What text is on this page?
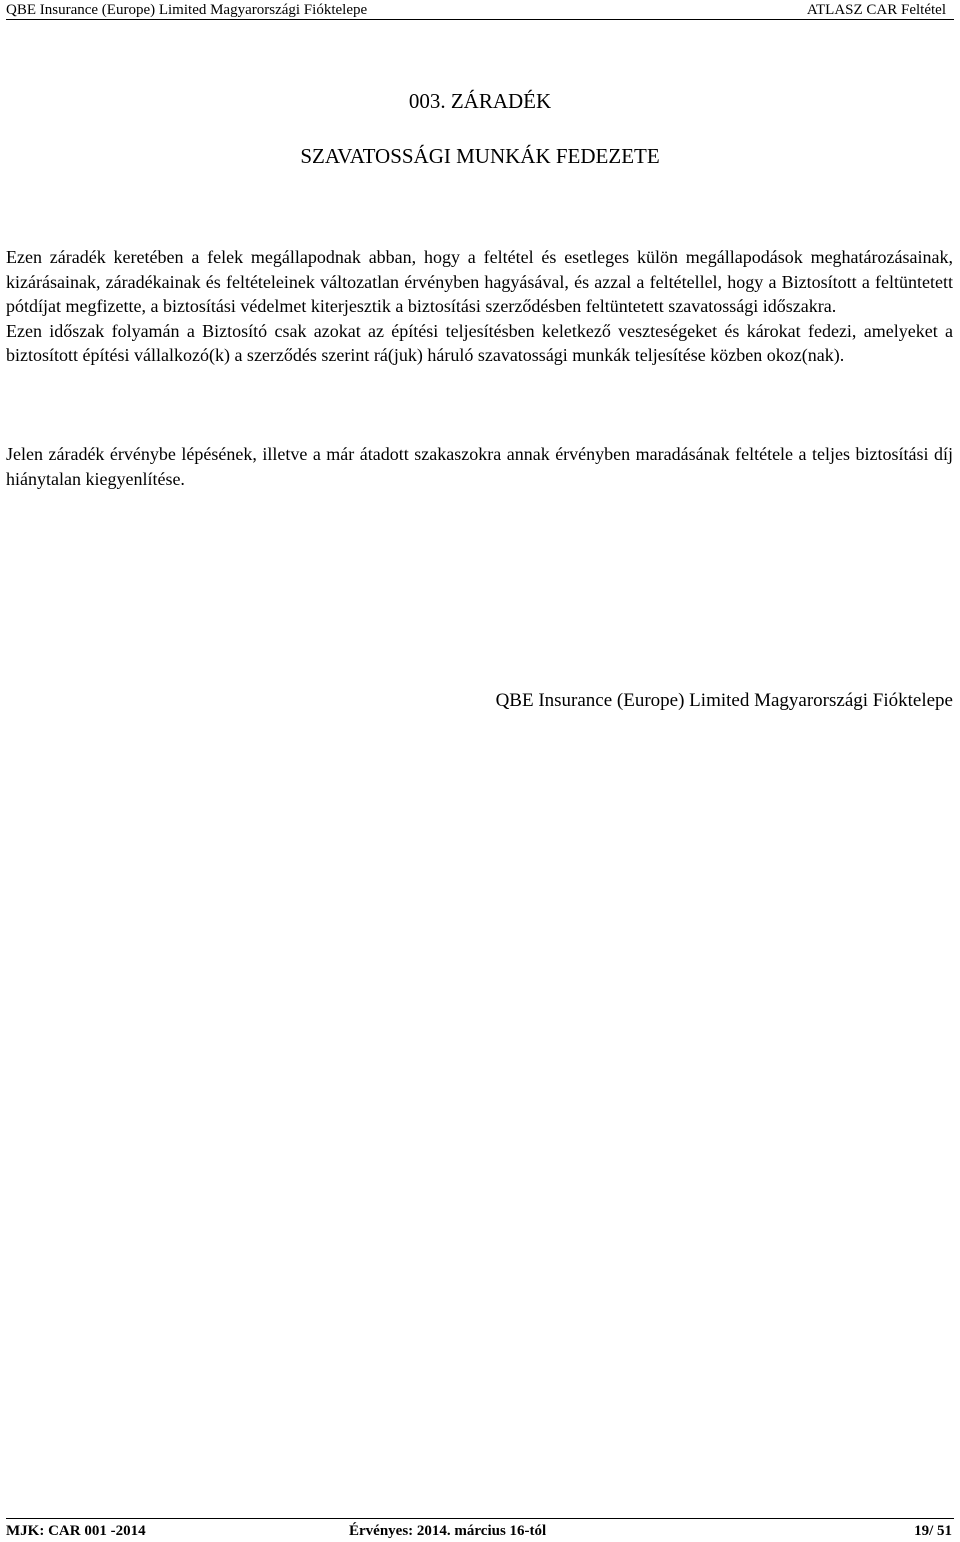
QBE Insurance (Europe) Limited Magyarországi Fióktelepe	ATLASZ CAR Feltétel
003. ZÁRADÉK
SZAVATOSSÁGI MUNKÁK FEDEZETE

Ezen záradék keretében a felek megállapodnak abban, hogy a feltétel és esetleges külön megállapodások meghatározásainak, kizárásainak, záradékainak és feltételeinek változatlan érvényben hagyásával, és azzal a feltétellel, hogy a Biztosított a feltüntetett pótdíjat megfizette, a biztosítási védelmet kiterjesztik a biztosítási szerződésben feltüntetett szavatossági időszakra.

Ezen időszak folyamán a Biztosító csak azokat az építési teljesítésben keletkező veszteségeket és károkat fedezi, amelyeket a biztosított építési vállalkozó(k) a szerződés szerint rá(juk) háruló szavatossági munkák teljesítése közben okoz(nak).

Jelen záradék érvénybe lépésének, illetve a már átadott szakaszokra annak érvényben maradásának feltétele a teljes biztosítási díj hiánytalan kiegyenlítése.

QBE Insurance (Europe) Limited Magyarországi Fióktelepe
MJK: CAR 001 -2014	Érvényes: 2014. március 16-tól	19/ 51
